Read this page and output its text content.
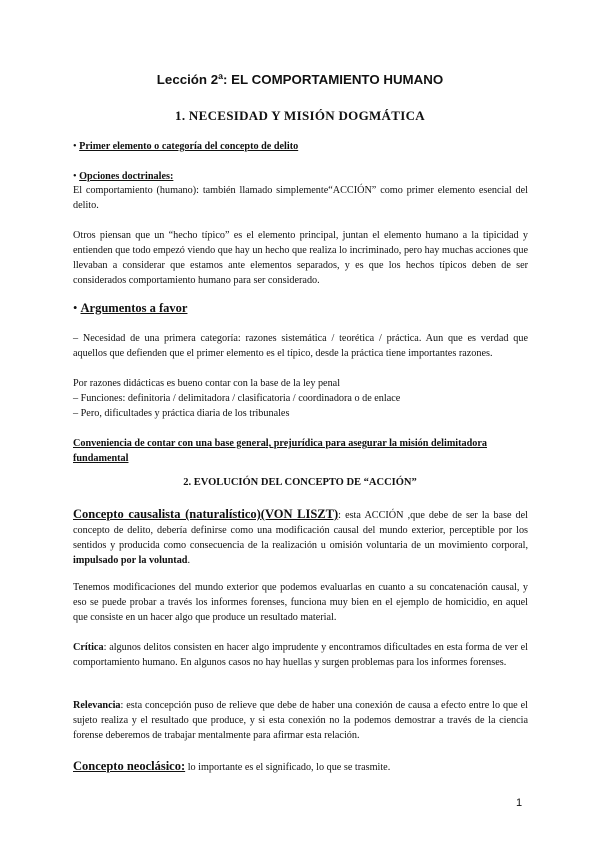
Lección 2ª: EL COMPORTAMIENTO HUMANO
1. NECESIDAD Y MISIÓN DOGMÁTICA
• Primer elemento o categoría del concepto de delito
• Opciones doctrinales:

El comportamiento (humano): también llamado simplemente“ACCIÓN” como primer elemento esencial del delito.

Otros piensan que un “hecho típico” es el elemento principal, juntan el elemento humano a la tipicidad y entienden que todo empezó viendo que hay un hecho que realiza lo incriminado, pero hay muchas acciones que llevaban a considerar que estamos ante elementos separados, y es que los hechos típicos deben de ser considerados comportamiento humano para ser considerado.

• Argumentos a favor

– Necesidad de una primera categoría: razones sistemática / teorética / práctica. Aun que es verdad que aquellos que defienden que el primer elemento es el típico, desde la práctica tiene importantes razones.

Por razones didácticas es bueno contar con la base de la ley penal

– Funciones: definitoria / delimitadora / clasificatoria / coordinadora o de enlace

– Pero, dificultades y práctica diaria de los tribunales

Conveniencia de contar con una base general, prejurídica para asegurar la misión delimitadora fundamental

2. EVOLUCIÓN DEL CONCEPTO DE “ACCIÓN”

Concepto causalista (naturalístico)(VON LISZT): esta ACCIÓN ,que debe de ser la base del concepto de delito, debería definirse como una modificación causal del mundo exterior, perceptible por los sentidos y producida como consecuencia de la realización u omisión voluntaria de un movimiento corporal, impulsado por la voluntad.

Tenemos modificaciones del mundo exterior que podemos evaluarlas en cuanto a su concatenación causal, y eso se puede probar a través los informes forenses, funciona muy bien en el ejemplo de homicidio, en aquel que consiste en un hacer algo que produce un resultado material.

Crítica: algunos delitos consisten en hacer algo imprudente y encontramos dificultades en esta forma de ver el comportamiento humano. En algunos casos no hay huellas y surgen problemas para los informes forenses.

Relevancia: esta concepción puso de relieve que debe de haber una conexión de causa a efecto entre lo que el sujeto realiza y el resultado que produce, y si esta conexión no la podemos demostrar a través de la ciencia forense deberemos de trabajar mentalmente para afirmar esta relación.

Concepto neoclásico: lo importante es el significado, lo que se trasmite.

1
